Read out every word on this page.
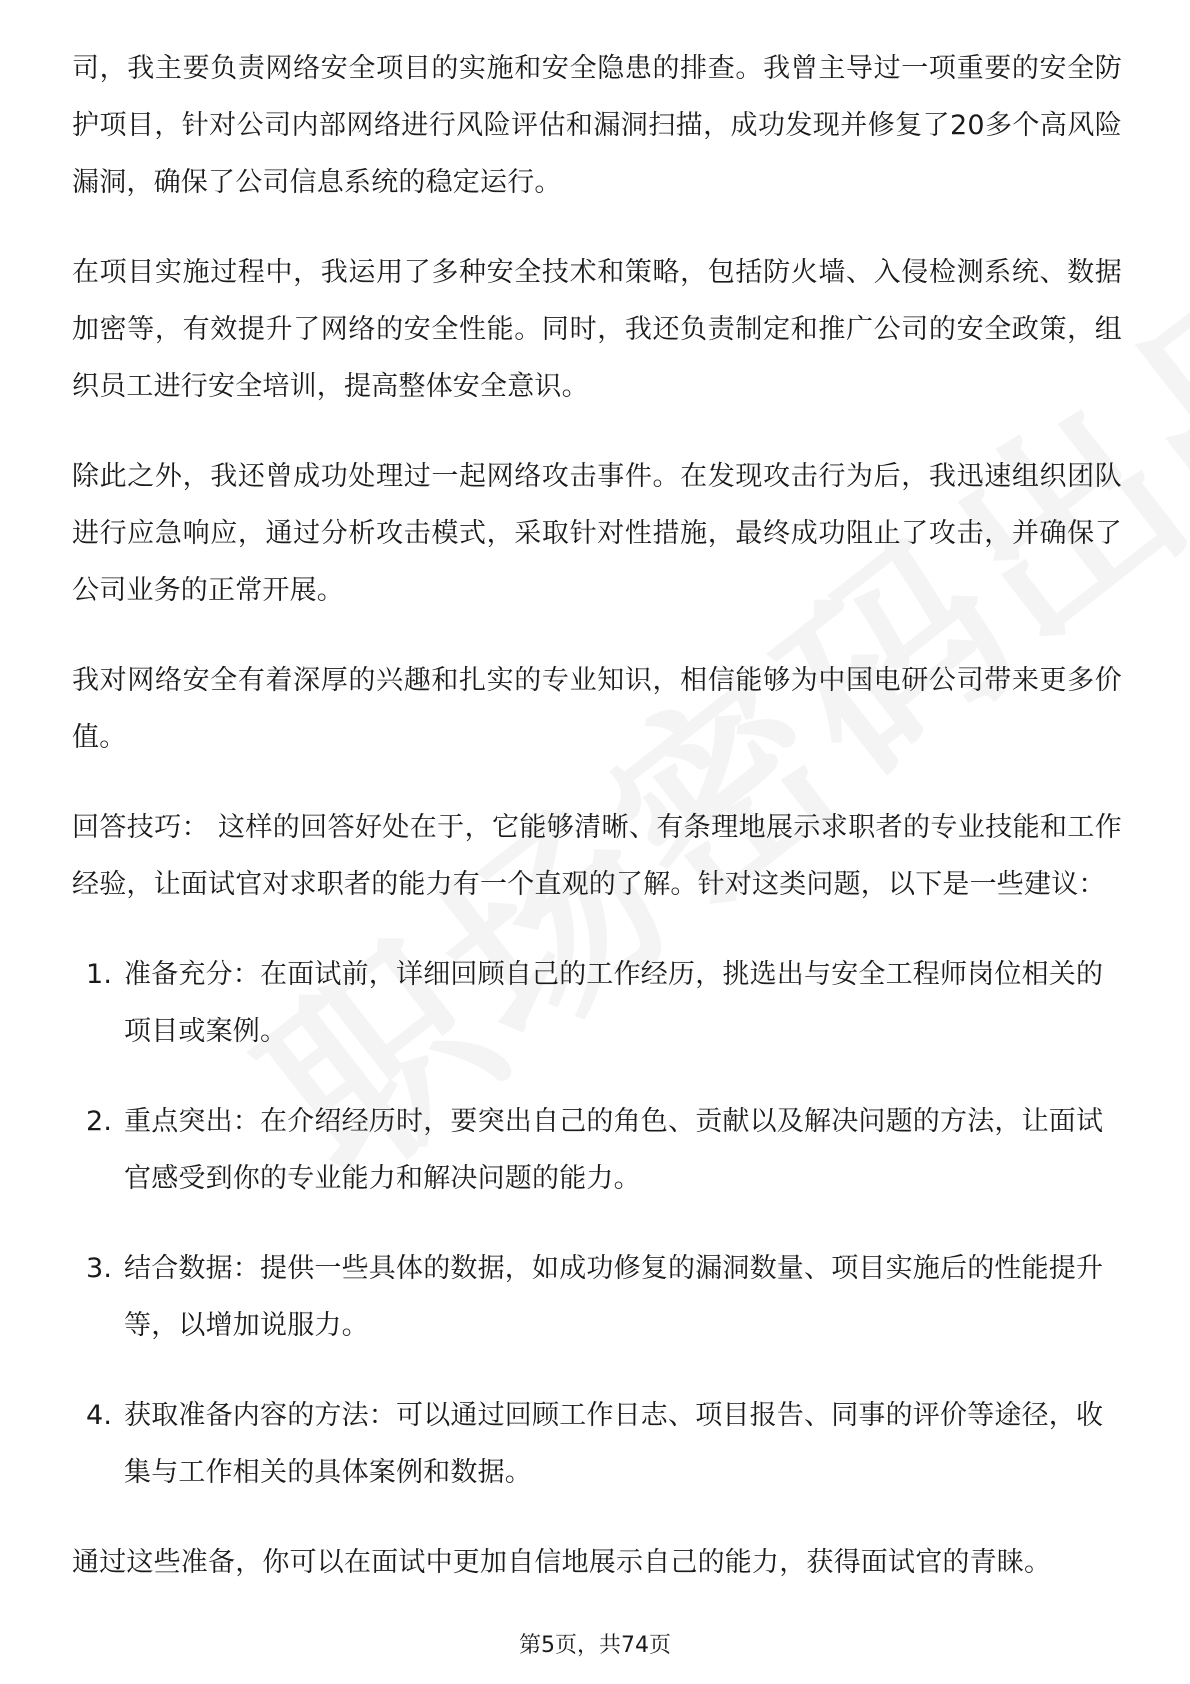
司，我主要负责网络安全项目的实施和安全隐患的排查。我曾主导过一项重要的安全防护项目，针对公司内部网络进行风险评估和漏洞扫描，成功发现并修复了20多个高风险漏洞，确保了公司信息系统的稳定运行。

在项目实施过程中，我运用了多种安全技术和策略，包括防火墙、入侵检测系统、数据加密等，有效提升了网络的安全性能。同时，我还负责制定和推广公司的安全政策，组织员工进行安全培训，提高整体安全意识。

除此之外，我还曾成功处理过一起网络攻击事件。在发现攻击行为后，我迅速组织团队进行应急响应，通过分析攻击模式，采取针对性措施，最终成功阻止了攻击，并确保了公司业务的正常开展。

我对网络安全有着深厚的兴趣和扎实的专业知识，相信能够为中国电研公司带来更多价值。

回答技巧： 这样的回答好处在于，它能够清晰、有条理地展示求职者的专业技能和工作经验，让面试官对求职者的能力有一个直观的了解。针对这类问题，以下是一些建议：

1. 准备充分：在面试前，详细回顾自己的工作经历，挑选出与安全工程师岗位相关的项目或案例。
2. 重点突出：在介绍经历时，要突出自己的角色、贡献以及解决问题的方法，让面试官感受到你的专业能力和解决问题的能力。
3. 结合数据：提供一些具体的数据，如成功修复的漏洞数量、项目实施后的性能提升等，以增加说服力。
4. 获取准备内容的方法：可以通过回顾工作日志、项目报告、同事的评价等途径，收集与工作相关的具体案例和数据。

通过这些准备，你可以在面试中更加自信地展示自己的能力，获得面试官的青睐。

第5页，共74页
